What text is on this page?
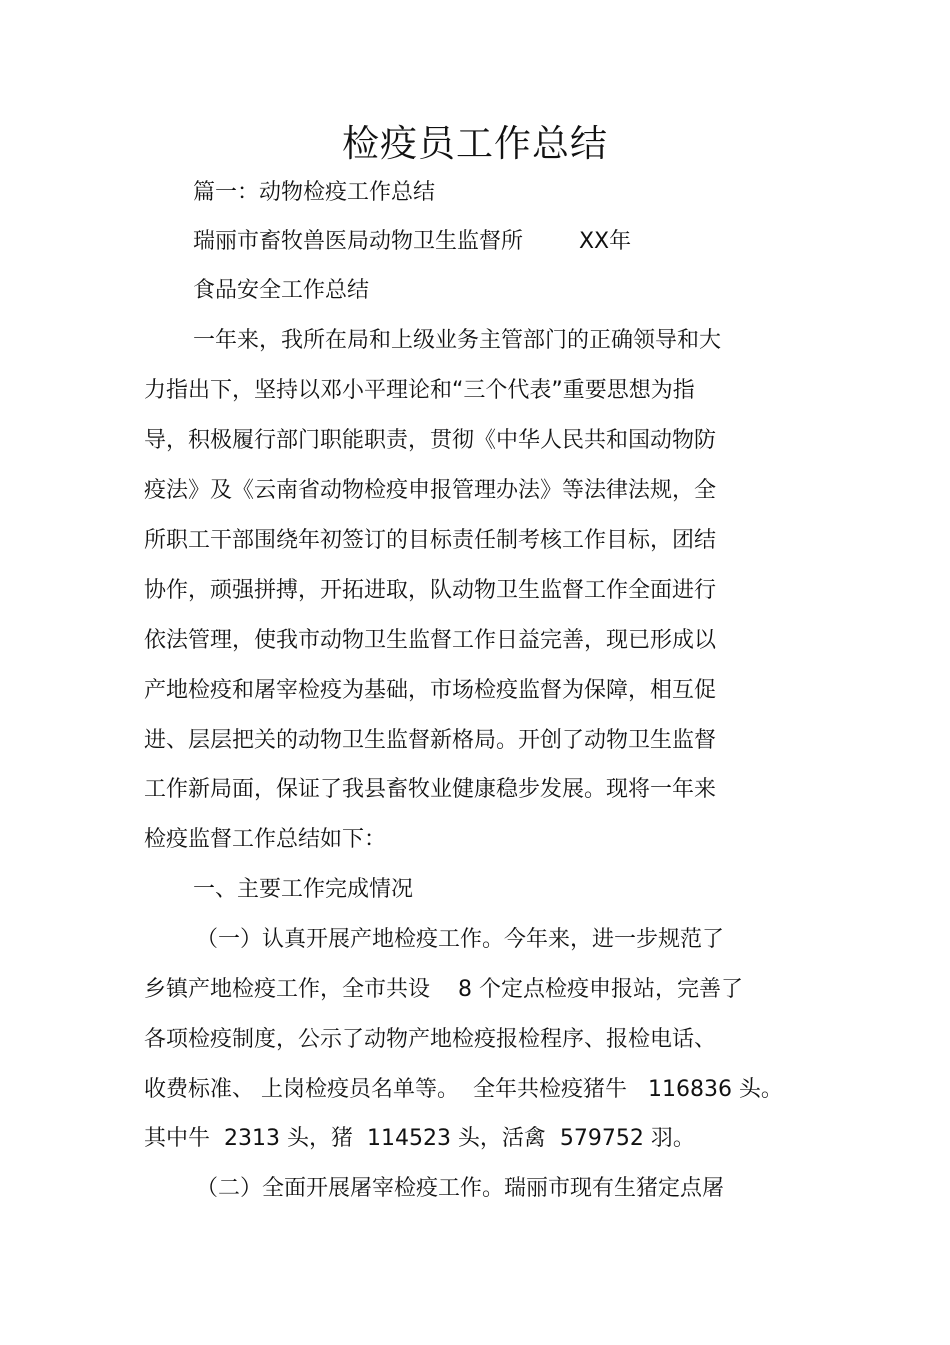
检疫员工作总结

篇一：动物检疫工作总结

瑞丽市畜牧兽医局动物卫生监督所        XX年

食品安全工作总结

一年来，我所在局和上级业务主管部门的正确领导和大

力指出下，坚持以邓小平理论和“三个代表”重要思想为指

导，积极履行部门职能职责，贯彻《中华人民共和国动物防

疫法》及《云南省动物检疫申报管理办法》等法律法规，全

所职工干部围绕年初签订的目标责任制考核工作目标，团结

协作，顽强拼搏，开拓进取，队动物卫生监督工作全面进行

依法管理，使我市动物卫生监督工作日益完善，现已形成以

产地检疫和屠宰检疫为基础，市场检疫监督为保障，相互促

进、层层把关的动物卫生监督新格局。开创了动物卫生监督

工作新局面，保证了我县畜牧业健康稳步发展。现将一年来

检疫监督工作总结如下：

一、主要工作完成情况

（一）认真开展产地检疫工作。今年来，进一步规范了

乡镇产地检疫工作，全市共设    8 个定点检疫申报站，完善了

各项检疫制度，公示了动物产地检疫报检程序、报检电话、

收费标准、 上岗检疫员名单等。  全年共检疫猪牛   116836 头。

其中牛  2313 头，猪  114523 头，活禽  579752 羽。

（二）全面开展屠宰检疫工作。瑞丽市现有生猪定点屠
